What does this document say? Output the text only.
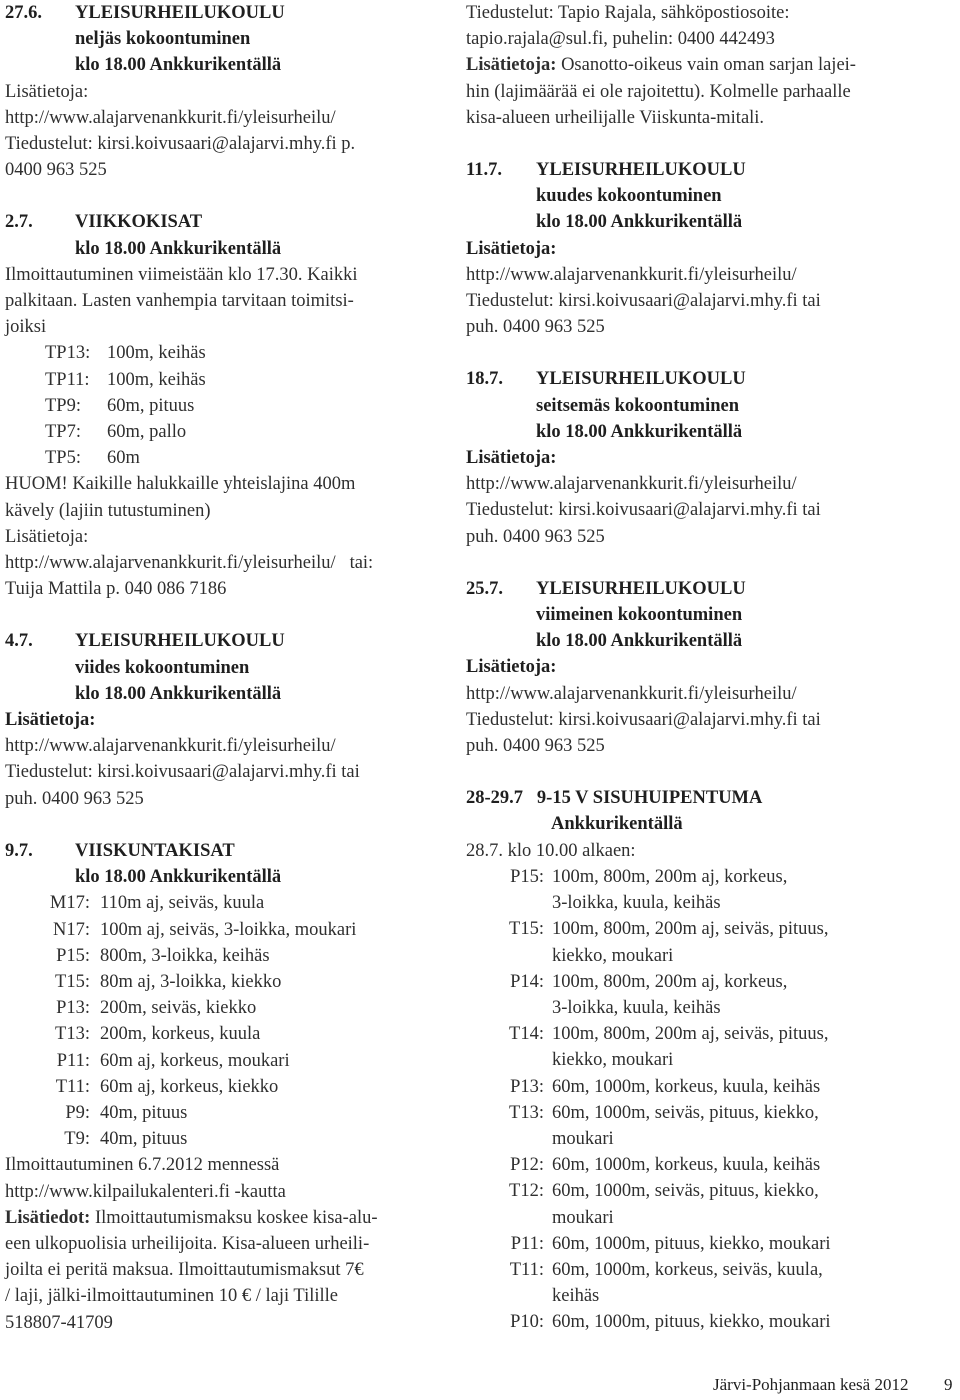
27.6.	YLEISURHEILUKOULU
neljäs kokoontuminen
klo 18.00 Ankkurikentällä
Lisätietoja:
http://www.alajarvenankkurit.fi/yleisurheilu/
Tiedustelut: kirsi.koivusaari@alajarvi.mhy.fi p.
0400 963 525
2.7.	VIIKKOKISAT
klo 18.00 Ankkurikentällä
Ilmoittautuminen viimeistään klo 17.30. Kaikki
palkitaan. Lasten vanhempia tarvitaan toimitsi-
joiksi
TP13: 100m, keihäs
TP11: 100m, keihäs
TP9: 60m, pituus
TP7: 60m, pallo
TP5: 60m
HUOM! Kaikille halukkaille yhteislajina 400m
kävely (lajiin tutustuminen)
Lisätietoja:
http://www.alajarvenankkurit.fi/yleisurheilu/ tai:
Tuija Mattila p. 040 086 7186
4.7.	YLEISURHEILUKOULU
viides kokoontuminen
klo 18.00 Ankkurikentällä
Lisätietoja:
http://www.alajarvenankkurit.fi/yleisurheilu/
Tiedustelut: kirsi.koivusaari@alajarvi.mhy.fi tai
puh. 0400 963 525
9.7.	VIISKUNTAKISAT
klo 18.00 Ankkurikentällä
M17: 110m aj, seiväs, kuula
N17: 100m aj, seiväs, 3-loikka, moukari
P15: 800m, 3-loikka, keihäs
T15: 80m aj, 3-loikka, kiekko
P13: 200m, seiväs, kiekko
T13: 200m, korkeus, kuula
P11: 60m aj, korkeus, moukari
T11: 60m aj, korkeus, kiekko
P9: 40m, pituus
T9: 40m, pituus
Ilmoittautuminen 6.7.2012 mennessä
http://www.kilpailukalenteri.fi -kautta
Lisätiedot: Ilmoittautumismaksu koskee kisa-alu-
een ulkopuolisia urheilijoita. Kisa-alueen urheili-
joilta ei peritä maksua. Ilmoittautumismaksut 7€
/ laji, jälki-ilmoittautuminen 10 € / laji Tilille
518807-41709
Tiedustelut: Tapio Rajala, sähköpostiosoite:
tapio.rajala@sul.fi, puhelin: 0400 442493
Lisätietoja: Osanotto-oikeus vain oman sarjan lajei-
hin (lajimäärää ei ole rajoitettu). Kolmelle parhaalle
kisa-alueen urheilijalle Viiskunta-mitali.
11.7.	YLEISURHEILUKOULU
kuudes kokoontuminen
klo 18.00 Ankkurikentällä
Lisätietoja:
http://www.alajarvenankkurit.fi/yleisurheilu/
Tiedustelut: kirsi.koivusaari@alajarvi.mhy.fi tai
puh. 0400 963 525
18.7.	YLEISURHEILUKOULU
seitsemäs kokoontuminen
klo 18.00 Ankkurikentällä
Lisätietoja:
http://www.alajarvenankkurit.fi/yleisurheilu/
Tiedustelut: kirsi.koivusaari@alajarvi.mhy.fi tai
puh. 0400 963 525
25.7.	YLEISURHEILUKOULU
viimeinen kokoontuminen
klo 18.00 Ankkurikentällä
Lisätietoja:
http://www.alajarvenankkurit.fi/yleisurheilu/
Tiedustelut: kirsi.koivusaari@alajarvi.mhy.fi tai
puh. 0400 963 525
28-29.7 9-15 V SISUHUIPENTUMA
Ankkurikentällä
28.7. klo 10.00 alkaen:
P15: 100m, 800m, 200m aj, korkeus,
3-loikka, kuula, keihäs
T15: 100m, 800m, 200m aj, seiväs, pituus,
kiekko, moukari
P14: 100m, 800m, 200m aj, korkeus,
3-loikka, kuula, keihäs
T14: 100m, 800m, 200m aj, seiväs, pituus,
kiekko, moukari
P13: 60m, 1000m, korkeus, kuula, keihäs
T13: 60m, 1000m, seiväs, pituus, kiekko,
moukari
P12: 60m, 1000m, korkeus, kuula, keihäs
T12: 60m, 1000m, seiväs, pituus, kiekko,
moukari
P11: 60m, 1000m, pituus, kiekko, moukari
T11: 60m, 1000m, korkeus, seiväs, kuula,
keihäs
P10: 60m, 1000m, pituus, kiekko, moukari
Järvi-Pohjanmaan kesä 2012 9
